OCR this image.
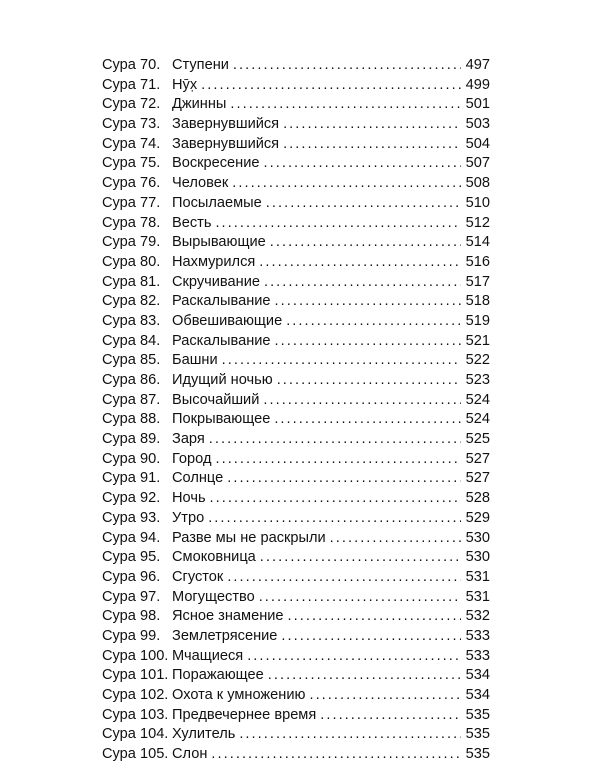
Сура 70. Ступени . . .	497
Сура 71. Нӯх̣ . . .	499
Сура 72. Джинны . . .	501
Сура 73. Завернувшийся . . .	503
Сура 74. Завернувшийся . . .	504
Сура 75. Воскресение . . .	507
Сура 76. Человек . . .	508
Сура 77. Посылаемые . . .	510
Сура 78. Весть . . .	512
Сура 79. Вырывающие . . .	514
Сура 80. Нахмурился . . .	516
Сура 81. Скручивание . . .	517
Сура 82. Раскалывание . . .	518
Сура 83. Обвешивающие . . .	519
Сура 84. Раскалывание . . .	521
Сура 85. Башни . . .	522
Сура 86. Идущий ночью . . .	523
Сура 87. Высочайший . . .	524
Сура 88. Покрывающее . . .	524
Сура 89. Заря . . .	525
Сура 90. Город . . .	527
Сура 91. Солнце . . .	527
Сура 92. Ночь . . .	528
Сура 93. Утро . . .	529
Сура 94. Разве мы не раскрыли . . .	530
Сура 95. Смоковница . . .	530
Сура 96. Сгусток . . .	531
Сура 97. Могущество . . .	531
Сура 98. Ясное знамение . . .	532
Сура 99. Землетрясение . . .	533
Сура 100. Мчащиеся . . .	533
Сура 101. Поражающее . . .	534
Сура 102. Охота к умножению . . .	534
Сура 103. Предвечернее время . . .	535
Сура 104. Хулитель . . .	535
Сура 105. Слон . . .	535
